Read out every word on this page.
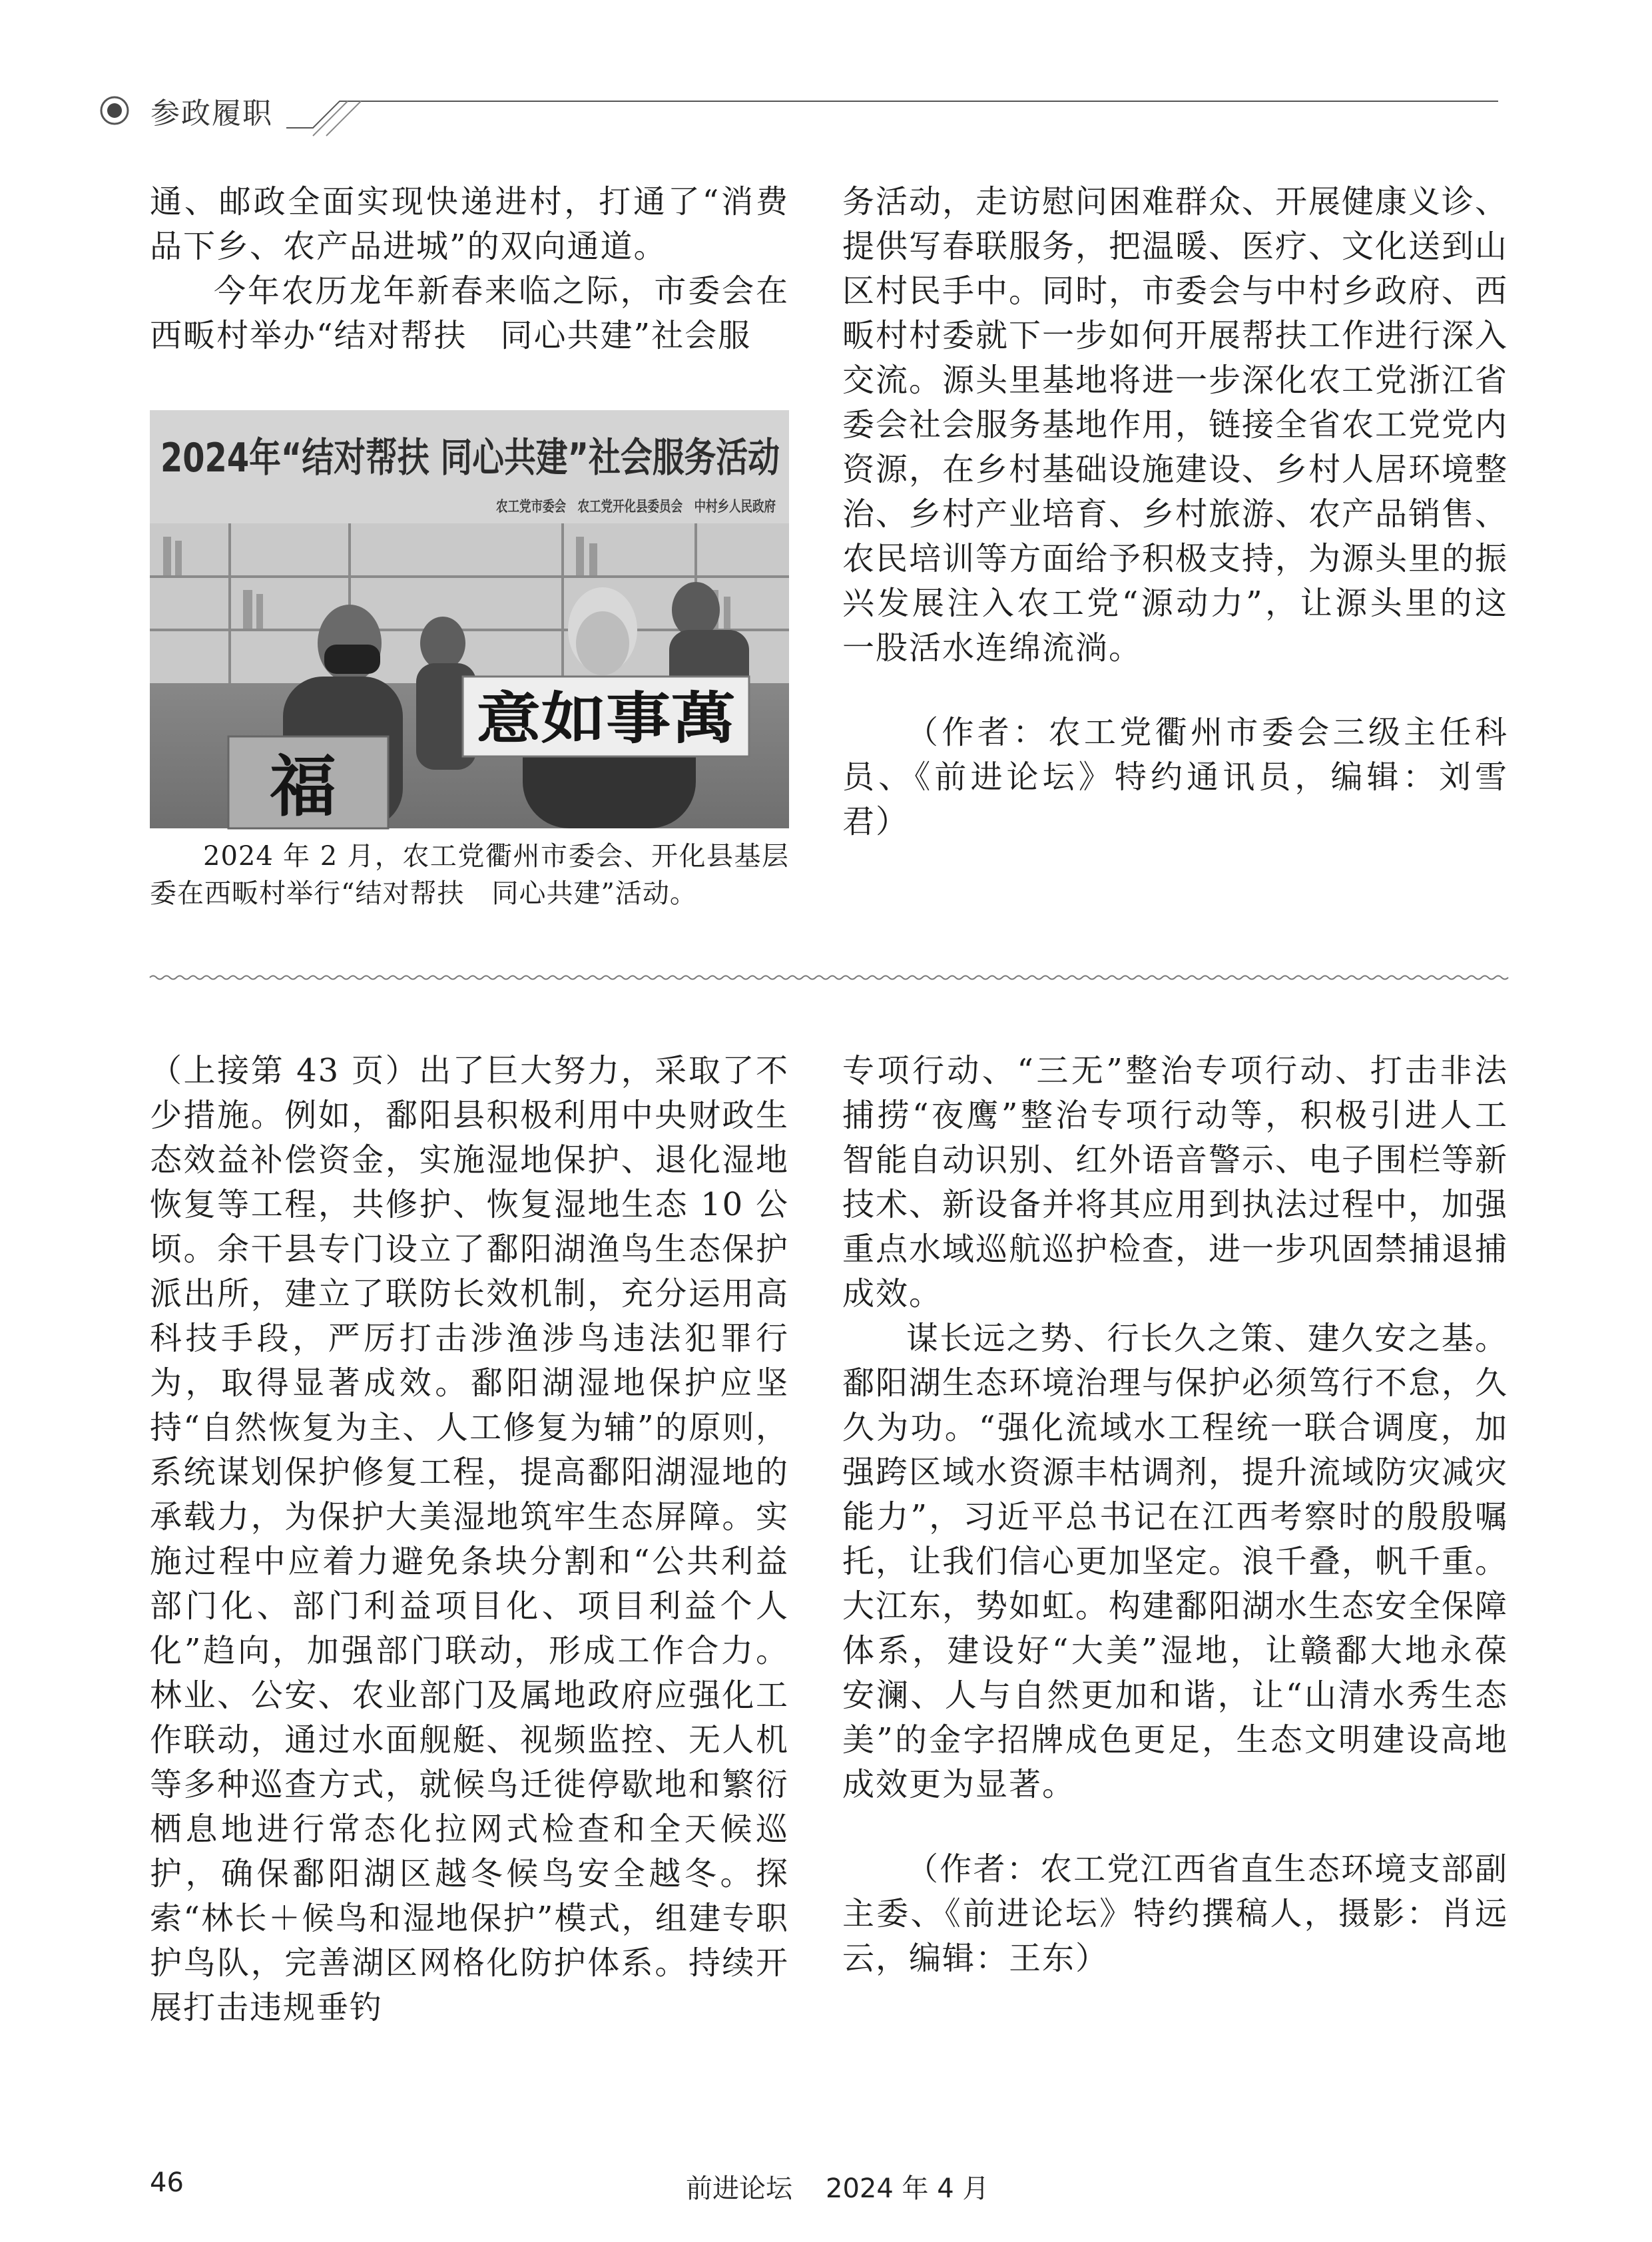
参政履职

通、邮政全面实现快递进村，打通了“消费品下乡、农产品进城”的双向通道。

今年农历龙年新春来临之际，市委会在西畈村举办“结对帮扶　同心共建”社会服

2024年“结对帮扶 同心共建”社会服务活动
农工党市委会　农工党开化县委员会　中村乡人民政府
意如事萬
福

2024 年 2 月，农工党衢州市委会、开化县基层委在西畈村举行“结对帮扶　同心共建”活动。

务活动，走访慰问困难群众、开展健康义诊、提供写春联服务，把温暖、医疗、文化送到山区村民手中。同时，市委会与中村乡政府、西畈村村委就下一步如何开展帮扶工作进行深入交流。源头里基地将进一步深化农工党浙江省委会社会服务基地作用，链接全省农工党党内资源，在乡村基础设施建设、乡村人居环境整治、乡村产业培育、乡村旅游、农产品销售、农民培训等方面给予积极支持，为源头里的振兴发展注入农工党“源动力”，让源头里的这一股活水连绵流淌。

（作者：农工党衢州市委会三级主任科员、《前进论坛》特约通讯员，编辑：刘雪君）

（上接第 43 页）出了巨大努力，采取了不少措施。例如，鄱阳县积极利用中央财政生态效益补偿资金，实施湿地保护、退化湿地恢复等工程，共修护、恢复湿地生态 10 公顷。余干县专门设立了鄱阳湖渔鸟生态保护派出所，建立了联防长效机制，充分运用高科技手段，严厉打击涉渔涉鸟违法犯罪行为，取得显著成效。鄱阳湖湿地保护应坚持“自然恢复为主、人工修复为辅”的原则，系统谋划保护修复工程，提高鄱阳湖湿地的承载力，为保护大美湿地筑牢生态屏障。实施过程中应着力避免条块分割和“公共利益部门化、部门利益项目化、项目利益个人化”趋向，加强部门联动，形成工作合力。林业、公安、农业部门及属地政府应强化工作联动，通过水面舰艇、视频监控、无人机等多种巡查方式，就候鸟迁徙停歇地和繁衍栖息地进行常态化拉网式检查和全天候巡护，确保鄱阳湖区越冬候鸟安全越冬。探索“林长＋候鸟和湿地保护”模式，组建专职护鸟队，完善湖区网格化防护体系。持续开展打击违规垂钓

专项行动、“三无”整治专项行动、打击非法捕捞“夜鹰”整治专项行动等，积极引进人工智能自动识别、红外语音警示、电子围栏等新技术、新设备并将其应用到执法过程中，加强重点水域巡航巡护检查，进一步巩固禁捕退捕成效。

谋长远之势、行长久之策、建久安之基。鄱阳湖生态环境治理与保护必须笃行不怠，久久为功。“强化流域水工程统一联合调度，加强跨区域水资源丰枯调剂，提升流域防灾减灾能力”，习近平总书记在江西考察时的殷殷嘱托，让我们信心更加坚定。浪千叠，帆千重。大江东，势如虹。构建鄱阳湖水生态安全保障体系，建设好“大美”湿地，让赣鄱大地永葆安澜、人与自然更加和谐，让“山清水秀生态美”的金字招牌成色更足，生态文明建设高地成效更为显著。

（作者：农工党江西省直生态环境支部副主委、《前进论坛》特约撰稿人，摄影：肖远云，编辑：王东）

46	前进论坛 2024 年 4 月
